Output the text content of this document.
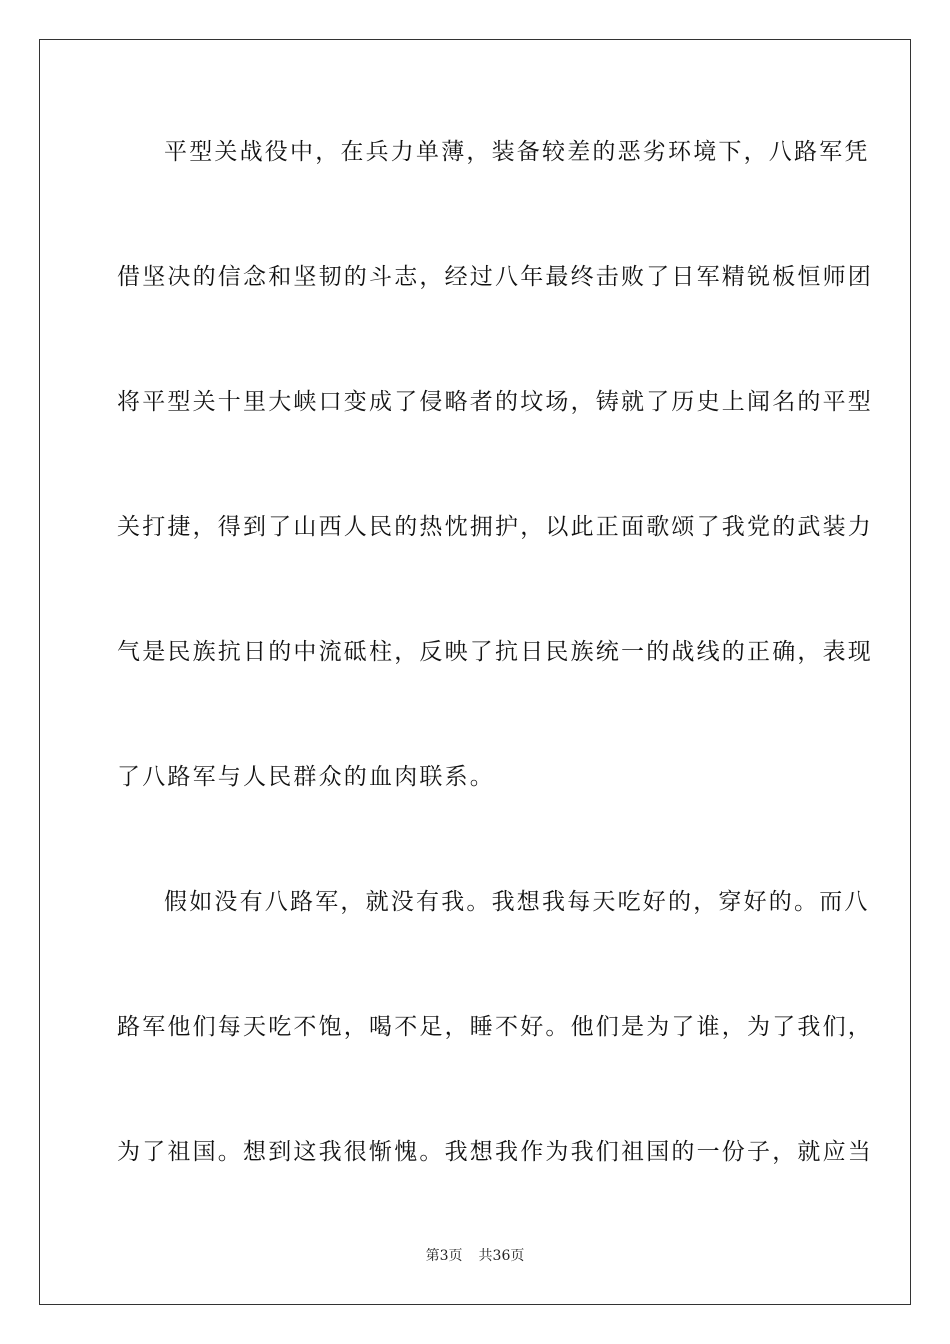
平型关战役中，在兵力单薄，装备较差的恶劣环境下，八路军凭
借坚决的信念和坚韧的斗志，经过八年最终击败了日军精锐板恒师团
将平型关十里大峡口变成了侵略者的坟场，铸就了历史上闻名的平型
关打捷，得到了山西人民的热忱拥护，以此正面歌颂了我党的武装力
气是民族抗日的中流砥柱，反映了抗日民族统一的战线的正确，表现
了八路军与人民群众的血肉联系。
假如没有八路军，就没有我。我想我每天吃好的，穿好的。而八
路军他们每天吃不饱，喝不足，睡不好。他们是为了谁，为了我们，
为了祖国。想到这我很惭愧。我想我作为我们祖国的一份子，就应当
第3页 共36页
